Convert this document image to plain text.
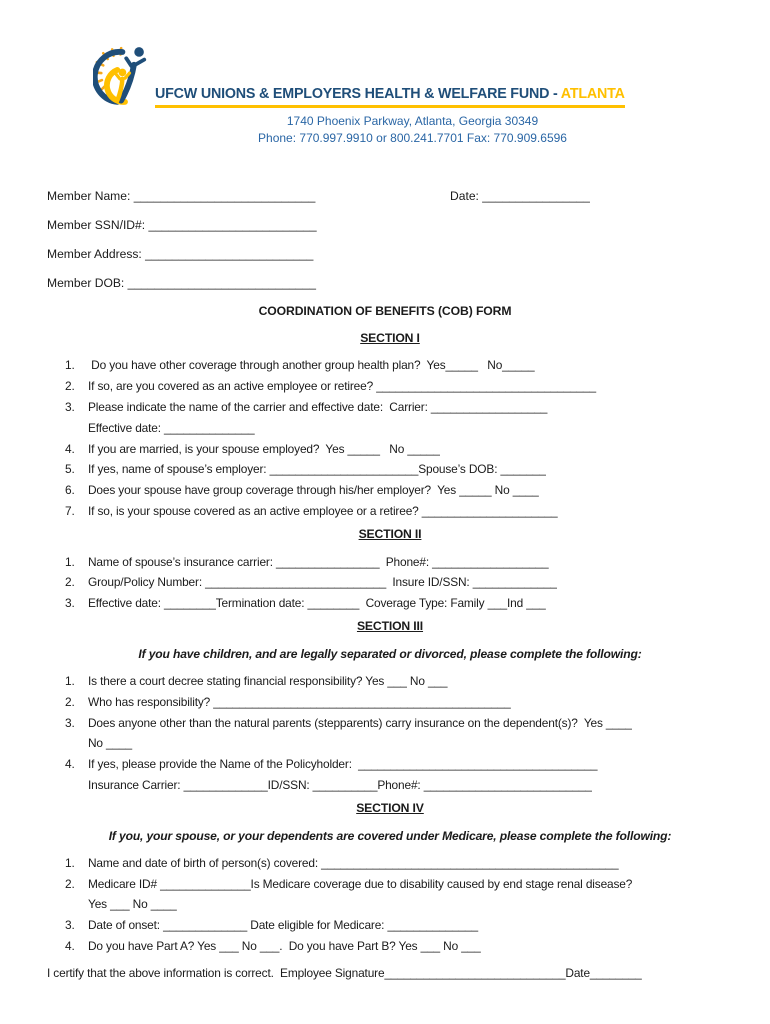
UFCW UNIONS & EMPLOYERS HEALTH & WELFARE FUND - ATLANTA
1740 Phoenix Parkway, Atlanta, Georgia 30349
Phone: 770.997.9910 or 800.241.7701 Fax: 770.909.6596
Member Name: ___________________________	Date: ________________
Member SSN/ID#: _________________________
Member Address: _________________________
Member DOB: ____________________________
COORDINATION OF BENEFITS (COB) FORM
SECTION I
1.	Do you have other coverage through another group health plan?  Yes_____   No_____
2.	If so, are you covered as an active employee or retiree? __________________________________
3.	Please indicate the name of the carrier and effective date:  Carrier: __________________
Effective date: ______________
4.	If you are married, is your spouse employed?  Yes _____   No _____
5.	If yes, name of spouse’s employer: _______________________Spouse’s DOB: _______
6.	Does your spouse have group coverage through his/her employer?  Yes _____ No ____
7.	If so, is your spouse covered as an active employee or a retiree? _____________________
SECTION II
1.	Name of spouse’s insurance carrier: ________________  Phone#: __________________
2.	Group/Policy Number: ____________________________  Insure ID/SSN: _____________
3.	Effective date: ________Termination date: ________  Coverage Type: Family ___Ind ___
SECTION III
If you have children, and are legally separated or divorced, please complete the following:
1.	Is there a court decree stating financial responsibility? Yes ___ No ___
2.	Who has responsibility? ______________________________________________
3.	Does anyone other than the natural parents (stepparents) carry insurance on the dependent(s)?  Yes ____
No ____
4.	If yes, please provide the Name of the Policyholder:  _____________________________________
Insurance Carrier: _____________ID/SSN: __________Phone#: __________________________
SECTION IV
If you, your spouse, or your dependents are covered under Medicare, please complete the following:
1.	Name and date of birth of person(s) covered: ______________________________________________
2.	Medicare ID# ______________Is Medicare coverage due to disability caused by end stage renal disease?
Yes ___ No ____
3.	Date of onset: _____________ Date eligible for Medicare: ______________
4.	Do you have Part A? Yes ___ No ___.  Do you have Part B? Yes ___ No ___
I certify that the above information is correct.  Employee Signature____________________________Date________
